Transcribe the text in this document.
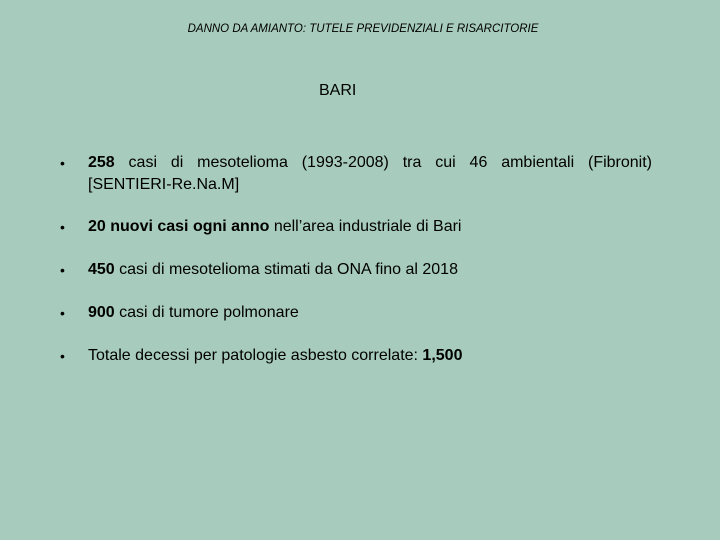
DANNO DA AMIANTO: TUTELE PREVIDENZIALI E RISARCITORIE
BARI
• 258 casi di mesotelioma (1993-2008) tra cui 46 ambientali (Fibronit) [SENTIERI-Re.Na.M]
• 20 nuovi casi ogni anno nell’area industriale di Bari
• 450 casi di mesotelioma stimati da ONA fino al 2018
• 900 casi di tumore polmonare
• Totale decessi per patologie asbesto correlate: 1,500
